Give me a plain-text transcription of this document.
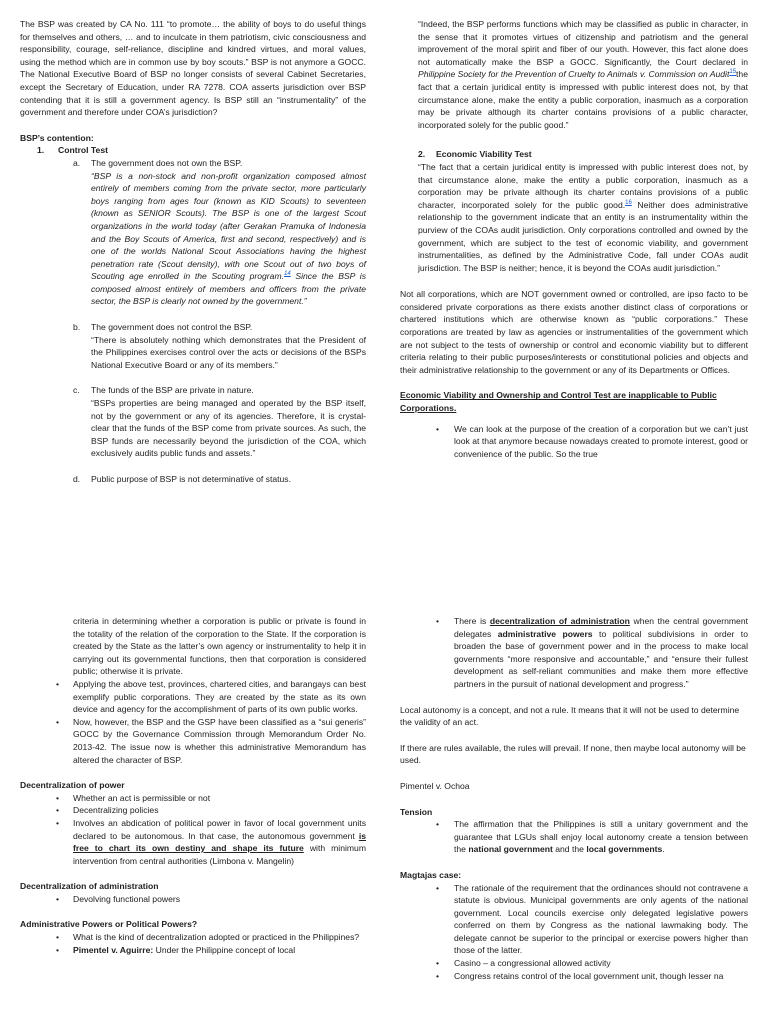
The BSP was created by CA No. 111 “to promote… the ability of boys to do useful things for themselves and others, … and to inculcate in them patriotism, civic consciousness and responsibility, courage, self-reliance, discipline and kindred virtues, and moral values, using the method which are in common use by boy scouts.” BSP is not anymore a GOCC. The National Executive Board of BSP no longer consists of several Cabinet Secretaries, except the Secretary of Education, under RA 7278. COA asserts jurisdiction over BSP contending that it is still a government agency. Is BSP still an “instrumentality” of the government and therefore under COA’s jurisdiction?

BSP’s contention:

1.	Control Test
a.	The government does not own the BSP.

“BSP is a non-stock and non-profit organization composed almost entirely of members coming from the private sector, more particularly boys ranging from ages four (known as KID Scouts) to seventeen (known as SENIOR Scouts). The BSP is one of the largest Scout organizations in the world today (after Gerakan Pramuka of Indonesia and the Boy Scouts of America, first and second, respectively) and is one of the worlds National Scout Associations having the highest penetration rate (Scout density), with one Scout out of two boys of Scouting age enrolled in the Scouting program.$^{14}$ Since the BSP is composed almost entirely of members and officers from the private sector, the BSP is clearly not owned by the government.”

b.	The government does not control the BSP.

“There is absolutely nothing which demonstrates that the President of the Philippines exercises control over the acts or decisions of the BSPs National Executive Board or any of its members.”

c.	The funds of the BSP are private in nature.

“BSPs properties are being managed and operated by the BSP itself, not by the government or any of its agencies. Therefore, it is crystal-clear that the funds of the BSP come from private sources. As such, the BSP funds are necessarily beyond the jurisdiction of the COA, which exclusively audits public funds and assets.”

d.	Public purpose of BSP is not determinative of status.

“Indeed, the BSP performs functions which may be classified as public in character, in the sense that it promotes virtues of citizenship and patriotism and the general improvement of the moral spirit and fiber of our youth. However, this fact alone does not automatically make the BSP a GOCC. Significantly, the Court declared in Philippine Society for the Prevention of Cruelty to Animals v. Commission on Audit$^{15}$the fact that a certain juridical entity is impressed with public interest does not, by that circumstance alone, make the entity a public corporation, inasmuch as a corporation may be private although its charter contains provisions of a public character, incorporated solely for the public good.”

2.	Economic Viability Test

“The fact that a certain juridical entity is impressed with public interest does not, by that circumstance alone, make the entity a public corporation, inasmuch as a corporation may be private although its charter contains provisions of a public character, incorporated solely for the public good.$^{16}$ Neither does administrative relationship to the government indicate that an entity is an instrumentality within the purview of the COAs audit jurisdiction. Only corporations controlled and owned by the government, which are subject to the test of economic viability, and government instrumentalities, as defined by the Administrative Code, fall under COAs audit jurisdiction. The BSP is neither; hence, it is beyond the COAs audit jurisdiction.”

Not all corporations, which are NOT government owned or controlled, are ipso facto to be considered private corporations as there exists another distinct class of corporations or chartered institutions which are otherwise known as “public corporations.” These corporations are treated by law as agencies or instrumentalities of the government which are not subject to the tests of ownership or control and economic viability but to different criteria relating to their public purposes/interests or constitutional policies and objects and their administrative relationship to the government or any of its Departments or Offices.

Economic Viability and Ownership and Control Test are inapplicable to Public Corporations.

•	We can look at the purpose of the creation of a corporation but we can’t just look at that anymore because nowadays created to promote interest, good or convenience of the public. So the true

criteria in determining whether a corporation is public or private is found in the totality of the relation of the corporation to the State. If the corporation is created by the State as the latter’s own agency or instrumentality to help it in carrying out its governmental functions, then that corporation is considered public; otherwise it is private.

•	Applying the above test, provinces, chartered cities, and barangays can best exemplify public corporations. They are created by the state as its own device and agency for the accomplishment of parts of its own public works.

•	Now, however, the BSP and the GSP have been classified as a “sui generis” GOCC by the Governance Commission through Memorandum Order No. 2013-42. The issue now is whether this administrative Memorandum has altered the character of BSP.

Decentralization of power

•	Whether an act is permissible or not

•	Decentralizing policies

•	Involves an abdication of political power in favor of local government units declared to be autonomous. In that case, the autonomous government is free to chart its own destiny and shape its future with minimum intervention from central authorities (Limbona v. Mangelin)

Decentralization of administration

•	Devolving functional powers

Administrative Powers or Political Powers?

•	What is the kind of decentralization adopted or practiced in the Philippines?

•	Pimentel v. Aguirre: Under the Philippine concept of local

•	There is decentralization of administration when the central government delegates administrative powers to political subdivisions in order to broaden the base of government power and in the process to make local governments “more responsive and accountable,” and “ensure their fullest development as self-reliant communities and make them more effective partners in the pursuit of national development and progress.”

Local autonomy is a concept, and not a rule. It means that it will not be used to determine the validity of an act.

If there are rules available, the rules will prevail. If none, then maybe local autonomy will be used.

Pimentel v. Ochoa

Tension

•	The affirmation that the Philippines is still a unitary government and the guarantee that LGUs shall enjoy local autonomy create a tension between the national government and the local governments.

Magtajas case:

•	The rationale of the requirement that the ordinances should not contravene a statute is obvious. Municipal governments are only agents of the national government. Local councils exercise only delegated legislative powers conferred on them by Congress as the national lawmaking body. The delegate cannot be superior to the principal or exercise powers higher than those of the latter.

•	Casino – a congressional allowed activity

•	Congress retains control of the local government unit, though lesser na
